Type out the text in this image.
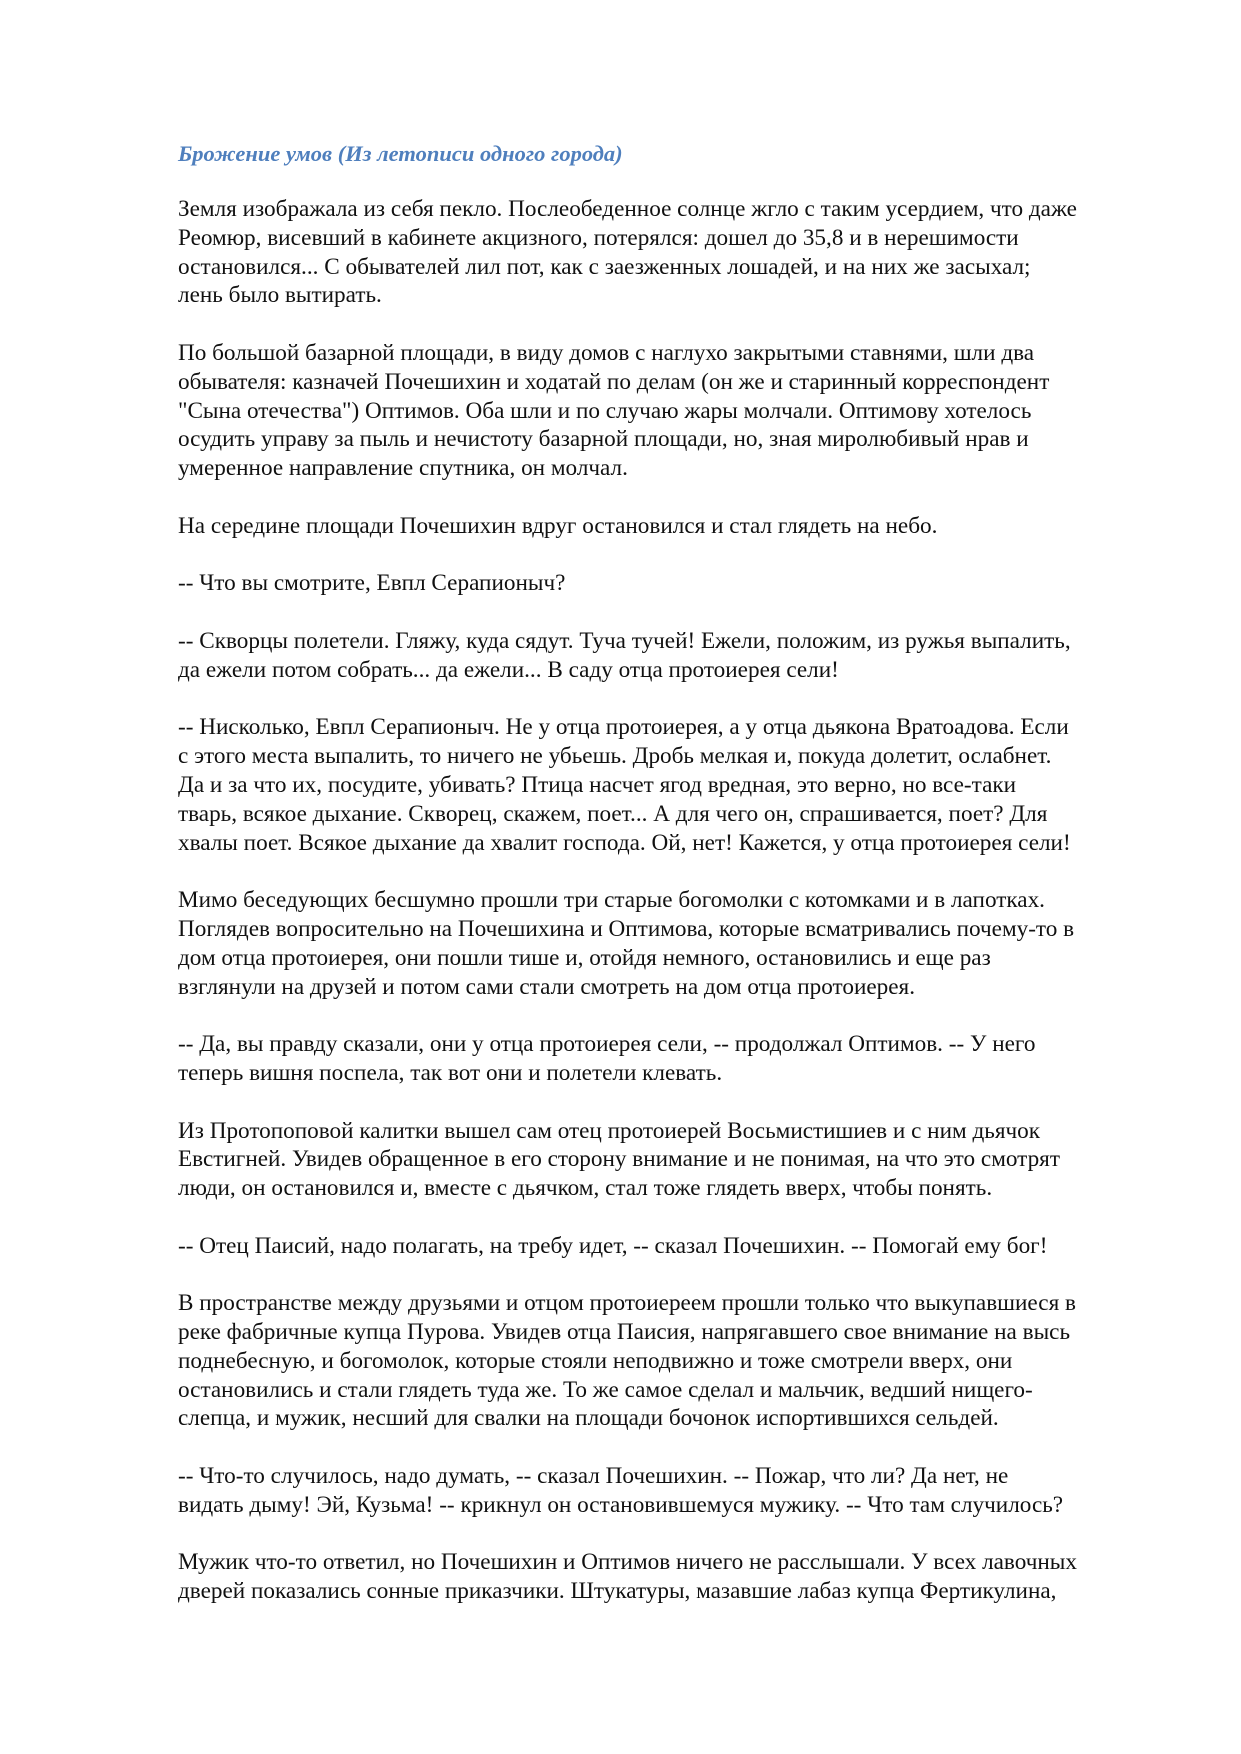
Брожение умов (Из летописи одного города)
Земля изображала из себя пекло. Послеобеденное солнце жгло с таким усердием, что даже
Реомюр, висевший в кабинете акцизного, потерялся: дошел до 35,8 и в нерешимости
остановился... С обывателей лил пот, как с заезженных лошадей, и на них же засыхал;
лень было вытирать.
По большой базарной площади, в виду домов с наглухо закрытыми ставнями, шли два
обывателя: казначей Почешихин и ходатай по делам (он же и старинный корреспондент
"Сына отечества") Оптимов. Оба шли и по случаю жары молчали. Оптимову хотелось
осудить управу за пыль и нечистоту базарной площади, но, зная миролюбивый нрав и
умеренное направление спутника, он молчал.
На середине площади Почешихин вдруг остановился и стал глядеть на небо.
-- Что вы смотрите, Евпл Серапионыч?
-- Скворцы полетели. Гляжу, куда сядут. Туча тучей! Ежели, положим, из ружья выпалить,
да ежели потом собрать... да ежели... В саду отца протоиерея сели!
-- Нисколько, Евпл Серапионыч. Не у отца протоиерея, а у отца дьякона Вратоадова. Если
с этого места выпалить, то ничего не убьешь. Дробь мелкая и, покуда долетит, ослабнет.
Да и за что их, посудите, убивать? Птица насчет ягод вредная, это верно, но все-таки
тварь, всякое дыхание. Скворец, скажем, поет... А для чего он, спрашивается, поет? Для
хвалы поет. Всякое дыхание да хвалит господа. Ой, нет! Кажется, у отца протоиерея сели!
Мимо беседующих бесшумно прошли три старые богомолки с котомками и в лапотках.
Поглядев вопросительно на Почешихина и Оптимова, которые всматривались почему-то в
дом отца протоиерея, они пошли тише и, отойдя немного, остановились и еще раз
взглянули на друзей и потом сами стали смотреть на дом отца протоиерея.
-- Да, вы правду сказали, они у отца протоиерея сели, -- продолжал Оптимов. -- У него
теперь вишня поспела, так вот они и полетели клевать.
Из Протопоповой калитки вышел сам отец протоиерей Восьмистишиев и с ним дьячок
Евстигней. Увидев обращенное в его сторону внимание и не понимая, на что это смотрят
люди, он остановился и, вместе с дьячком, стал тоже глядеть вверх, чтобы понять.
-- Отец Паисий, надо полагать, на требу идет, -- сказал Почешихин. -- Помогай ему бог!
В пространстве между друзьями и отцом протоиереем прошли только что выкупавшиеся в
реке фабричные купца Пурова. Увидев отца Паисия, напрягавшего свое внимание на высь
поднебесную, и богомолок, которые стояли неподвижно и тоже смотрели вверх, они
остановились и стали глядеть туда же. То же самое сделал и мальчик, ведший нищего-
слепца, и мужик, несший для свалки на площади бочонок испортившихся сельдей.
-- Что-то случилось, надо думать, -- сказал Почешихин. -- Пожар, что ли? Да нет, не
видать дыму! Эй, Кузьма! -- крикнул он остановившемуся мужику. -- Что там случилось?
Мужик что-то ответил, но Почешихин и Оптимов ничего не расслышали. У всех лавочных
дверей показались сонные приказчики. Штукатуры, мазавшие лабаз купца Фертикулина,
